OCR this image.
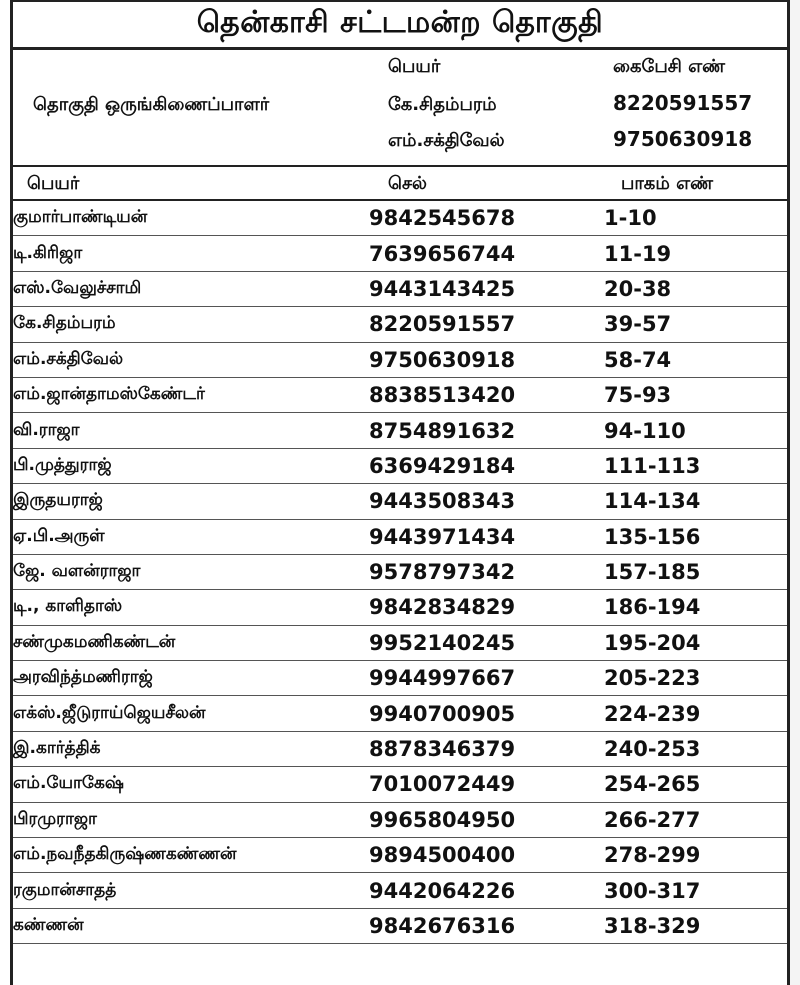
தென்காசி சட்டமன்ற தொகுதி
பெயர்	கைபேசி எண்
தொகுதி ஒருங்கிணைப்பாளர்	கே.சிதம்பரம்	8220591557
எம்.சக்திவேல்	9750630918
பெயர்	செல்	பாகம் எண்
குமார்பாண்டியன்	9842545678	1-10
டி.கிரிஜா	7639656744	11-19
எஸ்.வேலுச்சாமி	9443143425	20-38
கே.சிதம்பரம்	8220591557	39-57
எம்.சக்திவேல்	9750630918	58-74
எம்.ஜான்தாமஸ்கேண்டர்	8838513420	75-93
வி.ராஜா	8754891632	94-110
பி.முத்துராஜ்	6369429184	111-113
இருதயராஜ்	9443508343	114-134
ஏ.பி.அருள்	9443971434	135-156
ஜே. வளன்ராஜா	9578797342	157-185
டி., காளிதாஸ்	9842834829	186-194
சண்முகமணிகண்டன்	9952140245	195-204
அரவிந்த்மணிராஜ்	9944997667	205-223
எக்ஸ்.ஜீடுராய்ஜெயசீலன்	9940700905	224-239
இ.கார்த்திக்	8878346379	240-253
எம்.யோகேஷ்	7010072449	254-265
பிரமுராஜா	9965804950	266-277
எம்.நவநீதகிருஷ்ணகண்ணன்	9894500400	278-299
ரகுமான்சாதத்	9442064226	300-317
கண்ணன்	9842676316	318-329
